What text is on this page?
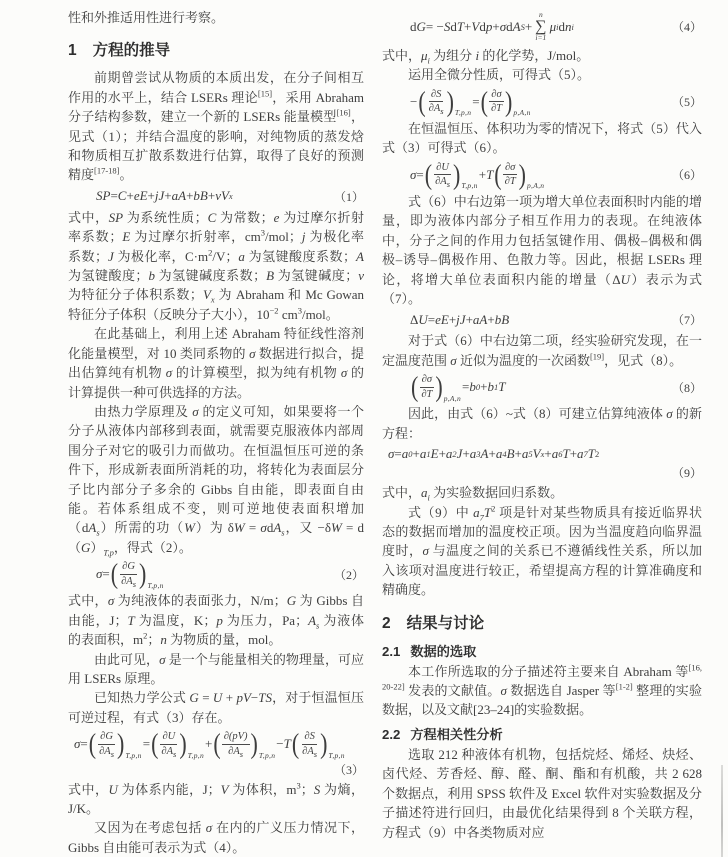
性和外推适用性进行考察。

1 方程的推导

前期曾尝试从物质的本质出发，在分子间相互作用的水平上，结合 LSERs 理论[15]，采用 Abraham 分子结构参数，建立一个新的 LSERs 能量模型[16]，见式（1）；并结合温度的影响，对纯物质的蒸发焓和物质相互扩散系数进行估算，取得了良好的预测精度[17-18]。

SP = C + eE + jJ + aA + bB + vV x	（1）

式中，SP 为系统性质；C 为常数；e 为过摩尔折射率系数；E 为过摩尔折射率，$cm^3$/mol；j 为极化率系数；J 为极化率，$C\cdot m^2/V$；a 为氢键酸度系数；A 为氢键酸度；b 为氢键碱度系数；B 为氢键碱度；v 为特征分子体积系数；$V_x$ 为 Abraham 和 Mc Gowan 特征分子体积（反映分子大小），$10^{-2}$ $cm^3$/mol。

在此基础上，利用上述 Abraham 特征线性溶剂化能量模型，对 10 类同系物的 σ 数据进行拟合，提出估算纯有机物 σ 的计算模型，拟为纯有机物 σ 的计算提供一种可供选择的方法。

由热力学原理及 σ 的定义可知，如果要将一个分子从液体内部移到表面，就需要克服液体内部周围分子对它的吸引力而做功。在恒温恒压可逆的条件下，形成新表面所消耗的功，将转化为表面层分子比内部分子多余的 Gibbs 自由能，即表面自由能。若体系组成不变，则可逆地使表面积增加$(dA_s)$所需的功（W）为 δW = σdA$_s$，又 $-\delta W = d(G)_{T,p}$，得式（2）。

σ = ( $\frac{\partial G}{\partial A_s}$ ) T,p,n
（2）

式中，σ 为纯液体的表面张力，N/m；G 为 Gibbs 自由能，J；T 为温度，K；p 为压力，Pa；$A_s$ 为液体的表面积，$m^2$；n 为物质的量，mol。

由此可见，σ 是一个与能量相关的物理量，可应用 LSERs 原理。

已知热力学公式 G = U + pV−TS，对于恒温恒压可逆过程，有式（3）存在。

σ = ( $\frac{\partial G}{\partial A_s}$ ) T,p,n
= ( $\frac{\partial U}{\partial A_s}$ ) T,p,n
+ ( $\frac{\partial(pV)}{\partial A_s}$ ) T,p,n
− T ( $\frac{\partial S}{\partial A_s}$ ) T,p,n
（3）

式中，U 为体系内能，J；V 为体积，$m^3$；S 为熵，J/K。

又因为在考虑包括 σ 在内的广义压力情况下，Gibbs 自由能可表示为式（4）。

d G = − S d T + V d p + σ d A S +
n
∑
i=1
μ i d n i	（4）

式中，$\mu_i$ 为组分 i 的化学势，J/mol。

运用全微分性质，可得式（5）。

− ( $\frac{\partial S}{\partial A_s}$ ) T,p,n
= ( $\frac{\partial\sigma}{\partial T}$ ) p,A,n
（5）

在恒温恒压、体积功为零的情况下，将式（5）代入式（3）可得式（6）。

σ = ( $\frac{\partial U}{\partial A_s}$ ) T,p,n
+ T ( $\frac{\partial\sigma}{\partial T}$ ) p,A,n
（6）

式（6）中右边第一项为增大单位表面积时内能的增量，即为液体内部分子相互作用力的表现。在纯液体中，分子之间的作用力包括氢键作用、偶极–偶极和偶极–诱导–偶极作用、色散力等。因此，根据 LSERs 理论，将增大单位表面积内能的增量（ΔU）表示为式（7）。

Δ U = eE + jJ + aA + bB	（7）

对于式（6）中右边第二项，经实验研究发现，在一定温度范围 σ 近似为温度的一次函数[19]，见式（8）。

( $\frac{\partial\sigma}{\partial T}$ ) p,A,n
= b 0 + b 1 T	（8）

因此，由式（6）~式（8）可建立估算纯液体 σ 的新方程：

σ = a 0 + a 1 E + a 2 J + a 3 A + a 4 B + a 5 V x + a 6 T + a 7 T 2
（9）

式中，$a_i$ 为实验数据回归系数。

式（9）中 $a_7T^2$ 项是针对某些物质具有接近临界状态的数据而增加的温度校正项。因为当温度趋向临界温度时，σ 与温度之间的关系已不遵循线性关系，所以加入该项对温度进行较正，希望提高方程的计算准确度和精确度。

2 结果与讨论
2.1 数据的选取

本工作所选取的分子描述符主要来自 Abraham 等[16, 20-22] 发表的文献值。σ 数据选自 Jasper 等[1-2] 整理的实验数据，以及文献[23–24]的实验数据。

2.2 方程相关性分析

选取 212 种液体有机物，包括烷烃、烯烃、炔烃、卤代烃、芳香烃、醇、醛、酮、酯和有机酸，共 2 628 个数据点，利用 SPSS 软件及 Excel 软件对实验数据及分子描述符进行回归，由最优化结果得到 8 个关联方程，方程式（9）中各类物质对应
